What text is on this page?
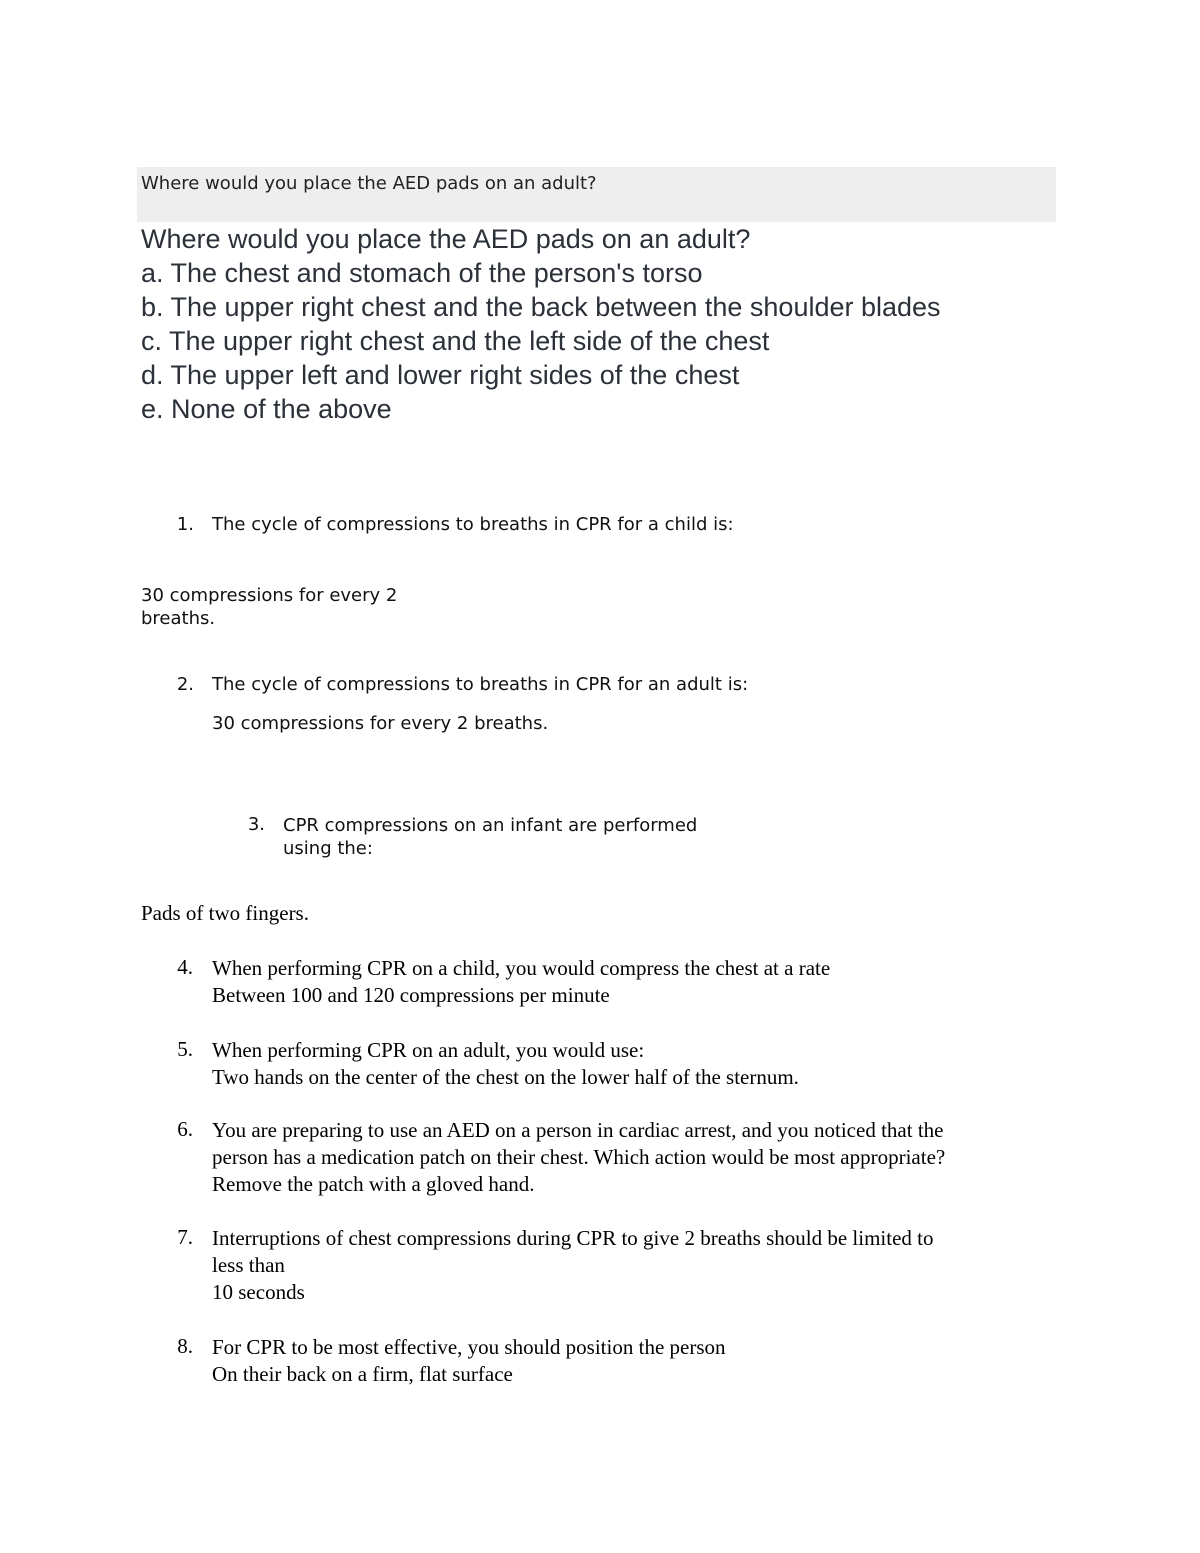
Where would you place the AED pads on an adult?
Where would you place the AED pads on an adult?
a. The chest and stomach of the person's torso
b. The upper right chest and the back between the shoulder blades
c. The upper right chest and the left side of the chest
d. The upper left and lower right sides of the chest
e. None of the above
1. The cycle of compressions to breaths in CPR for a child is:
30 compressions for every 2
breaths.
2. The cycle of compressions to breaths in CPR for an adult is:
30 compressions for every 2 breaths.
3. CPR compressions on an infant are performed
using the:
Pads of two fingers.
4. When performing CPR on a child, you would compress the chest at a rate
Between 100 and 120 compressions per minute
5. When performing CPR on an adult, you would use:
Two hands on the center of the chest on the lower half of the sternum.
6. You are preparing to use an AED on a person in cardiac arrest, and you noticed that the
person has a medication patch on their chest. Which action would be most appropriate?
Remove the patch with a gloved hand.
7. Interruptions of chest compressions during CPR to give 2 breaths should be limited to
less than
10 seconds
8. For CPR to be most effective, you should position the person
On their back on a firm, flat surface
